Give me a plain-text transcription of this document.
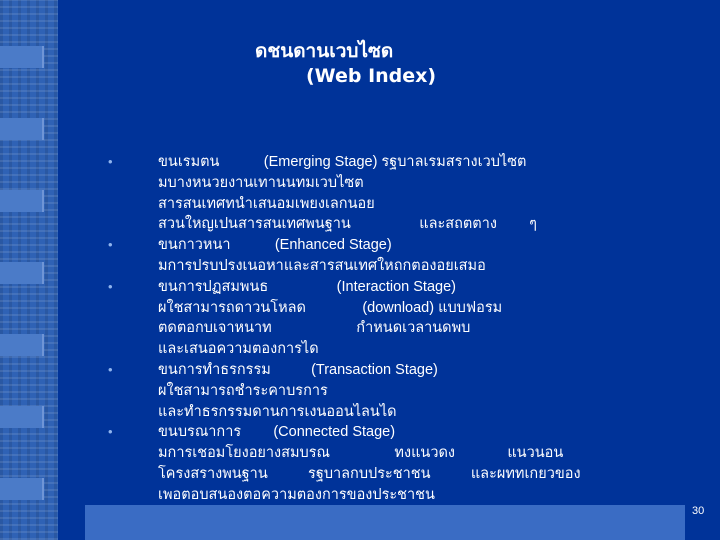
ดชนดานเวบไซด
(Web Index)
•	ขนเรมตน           (Emerging Stage) รฐบาลเรมสรางเวบไซต
มบางหนวยงานเทานนทมเวบไซต
สารสนเทศทนำเสนอมเพยงเลกนอย
สวนใหญเปนสารสนเทศพนฐาน                 และสถตตาง        ๆ
•	ขนกาวหนา           (Enhanced Stage)
มการปรบปรงเนอหาและสารสนเทศใหถกตองอยเสมอ
•	ขนการปฏสมพนธ                 (Interaction Stage)
ผใชสามารถดาวนโหลด              (download) แบบฟอรม
ตดตอกบเจาหนาท                     กำหนดเวลานดพบ
และเสนอความตองการได
•	ขนการทำธรกรรม          (Transaction Stage)
ผใชสามารถชำระคาบรการ
และทำธรกรรมดานการเงนออนไลนได
•	ขนบรณาการ        (Connected Stage)
มการเชอมโยงอยางสมบรณ                ทงแนวดง             แนวนอน
โครงสรางพนฐาน          รฐบาลกบประชาชน          และผททเกยวของ
เพอตอบสนองตอความตองการของประชาชน
30
